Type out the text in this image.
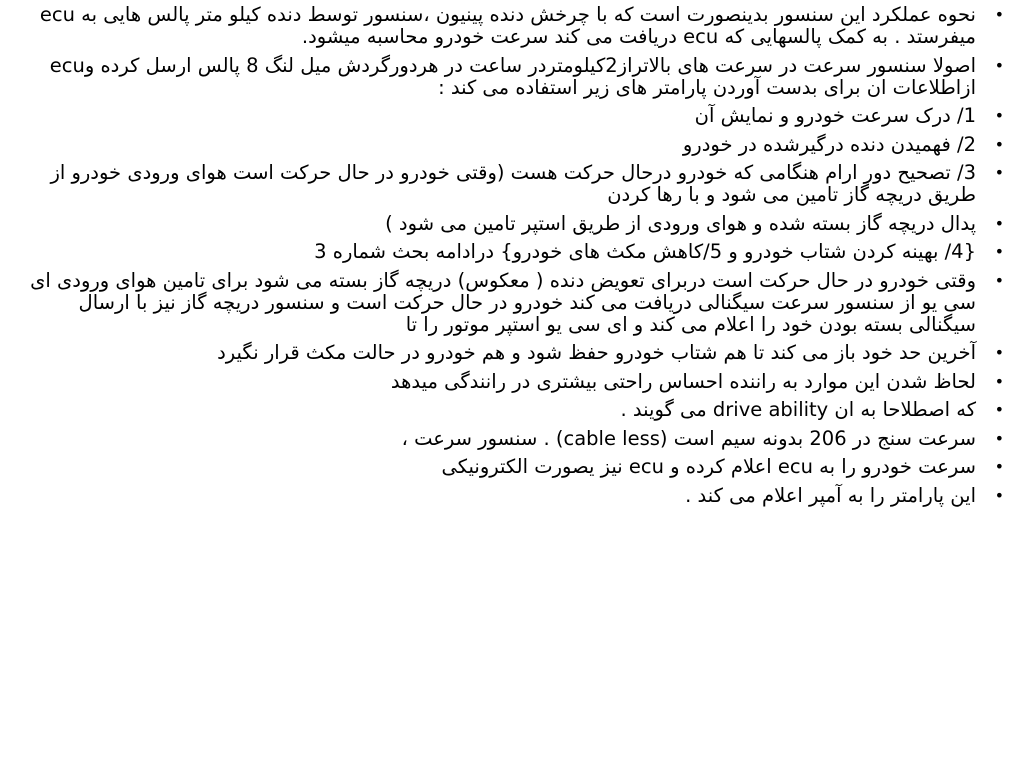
• نحوه عملکرد این سنسور بدینصورت است که با چرخش دنده پینیون ،سنسور توسط دنده کیلو متر پالس هایی به ecu میفرستد . به کمک پالسهایی که ecu دریافت می کند سرعت خودرو محاسبه میشود.
• اصولا سنسور سرعت در سرعت های بالاتراز2کیلومتردر ساعت در هردورگردش میل لنگ 8 پالس ارسل کرده وecu ازاطلاعات ان برای بدست آوردن پارامتر های زیر استفاده می کند :
• 1/ درک سرعت خودرو و نمایش آن
• 2/ فهمیدن دنده درگیرشده در خودرو
• 3/ تصحیح دور ارام هنگامی که خودرو درحال حرکت هست (وقتی خودرو در حال حرکت است هوای ورودی خودرو از طریق دریچه گاز تامین می شود و با رها کردن
• پدال دریچه گاز بسته شده و هوای ورودی از طریق استپر تامین می شود )
• {4/ بهینه کردن شتاب خودرو و 5/کاهش مکث های خودرو} درادامه بحث شماره 3
• وقتی خودرو در حال حرکت است دربرای تعویض دنده ( معکوس) دریچه گاز بسته می شود برای تامین هوای ورودی ای سی یو از سنسور سرعت سیگنالی دریافت می کند خودرو در حال حرکت است و سنسور دریچه گاز نیز با ارسال سیگنالی بسته بودن خود را اعلام می کند و ای سی یو استپر موتور را تا
• آخرین حد خود باز می کند تا هم شتاب خودرو حفظ شود و هم خودرو در حالت مکث قرار نگیرد
• لحاظ شدن این موارد به راننده احساس راحتی بیشتری در رانندگی میدهد
• که اصطلاحا به ان drive ability می گویند .
• سرعت سنج در 206 بدونه سیم است (cable less) . سنسور سرعت ،
• سرعت خودرو را به ecu اعلام کرده و ecu نیز یصورت الکترونیکی
• این پارامتر را به آمپر اعلام می کند .
